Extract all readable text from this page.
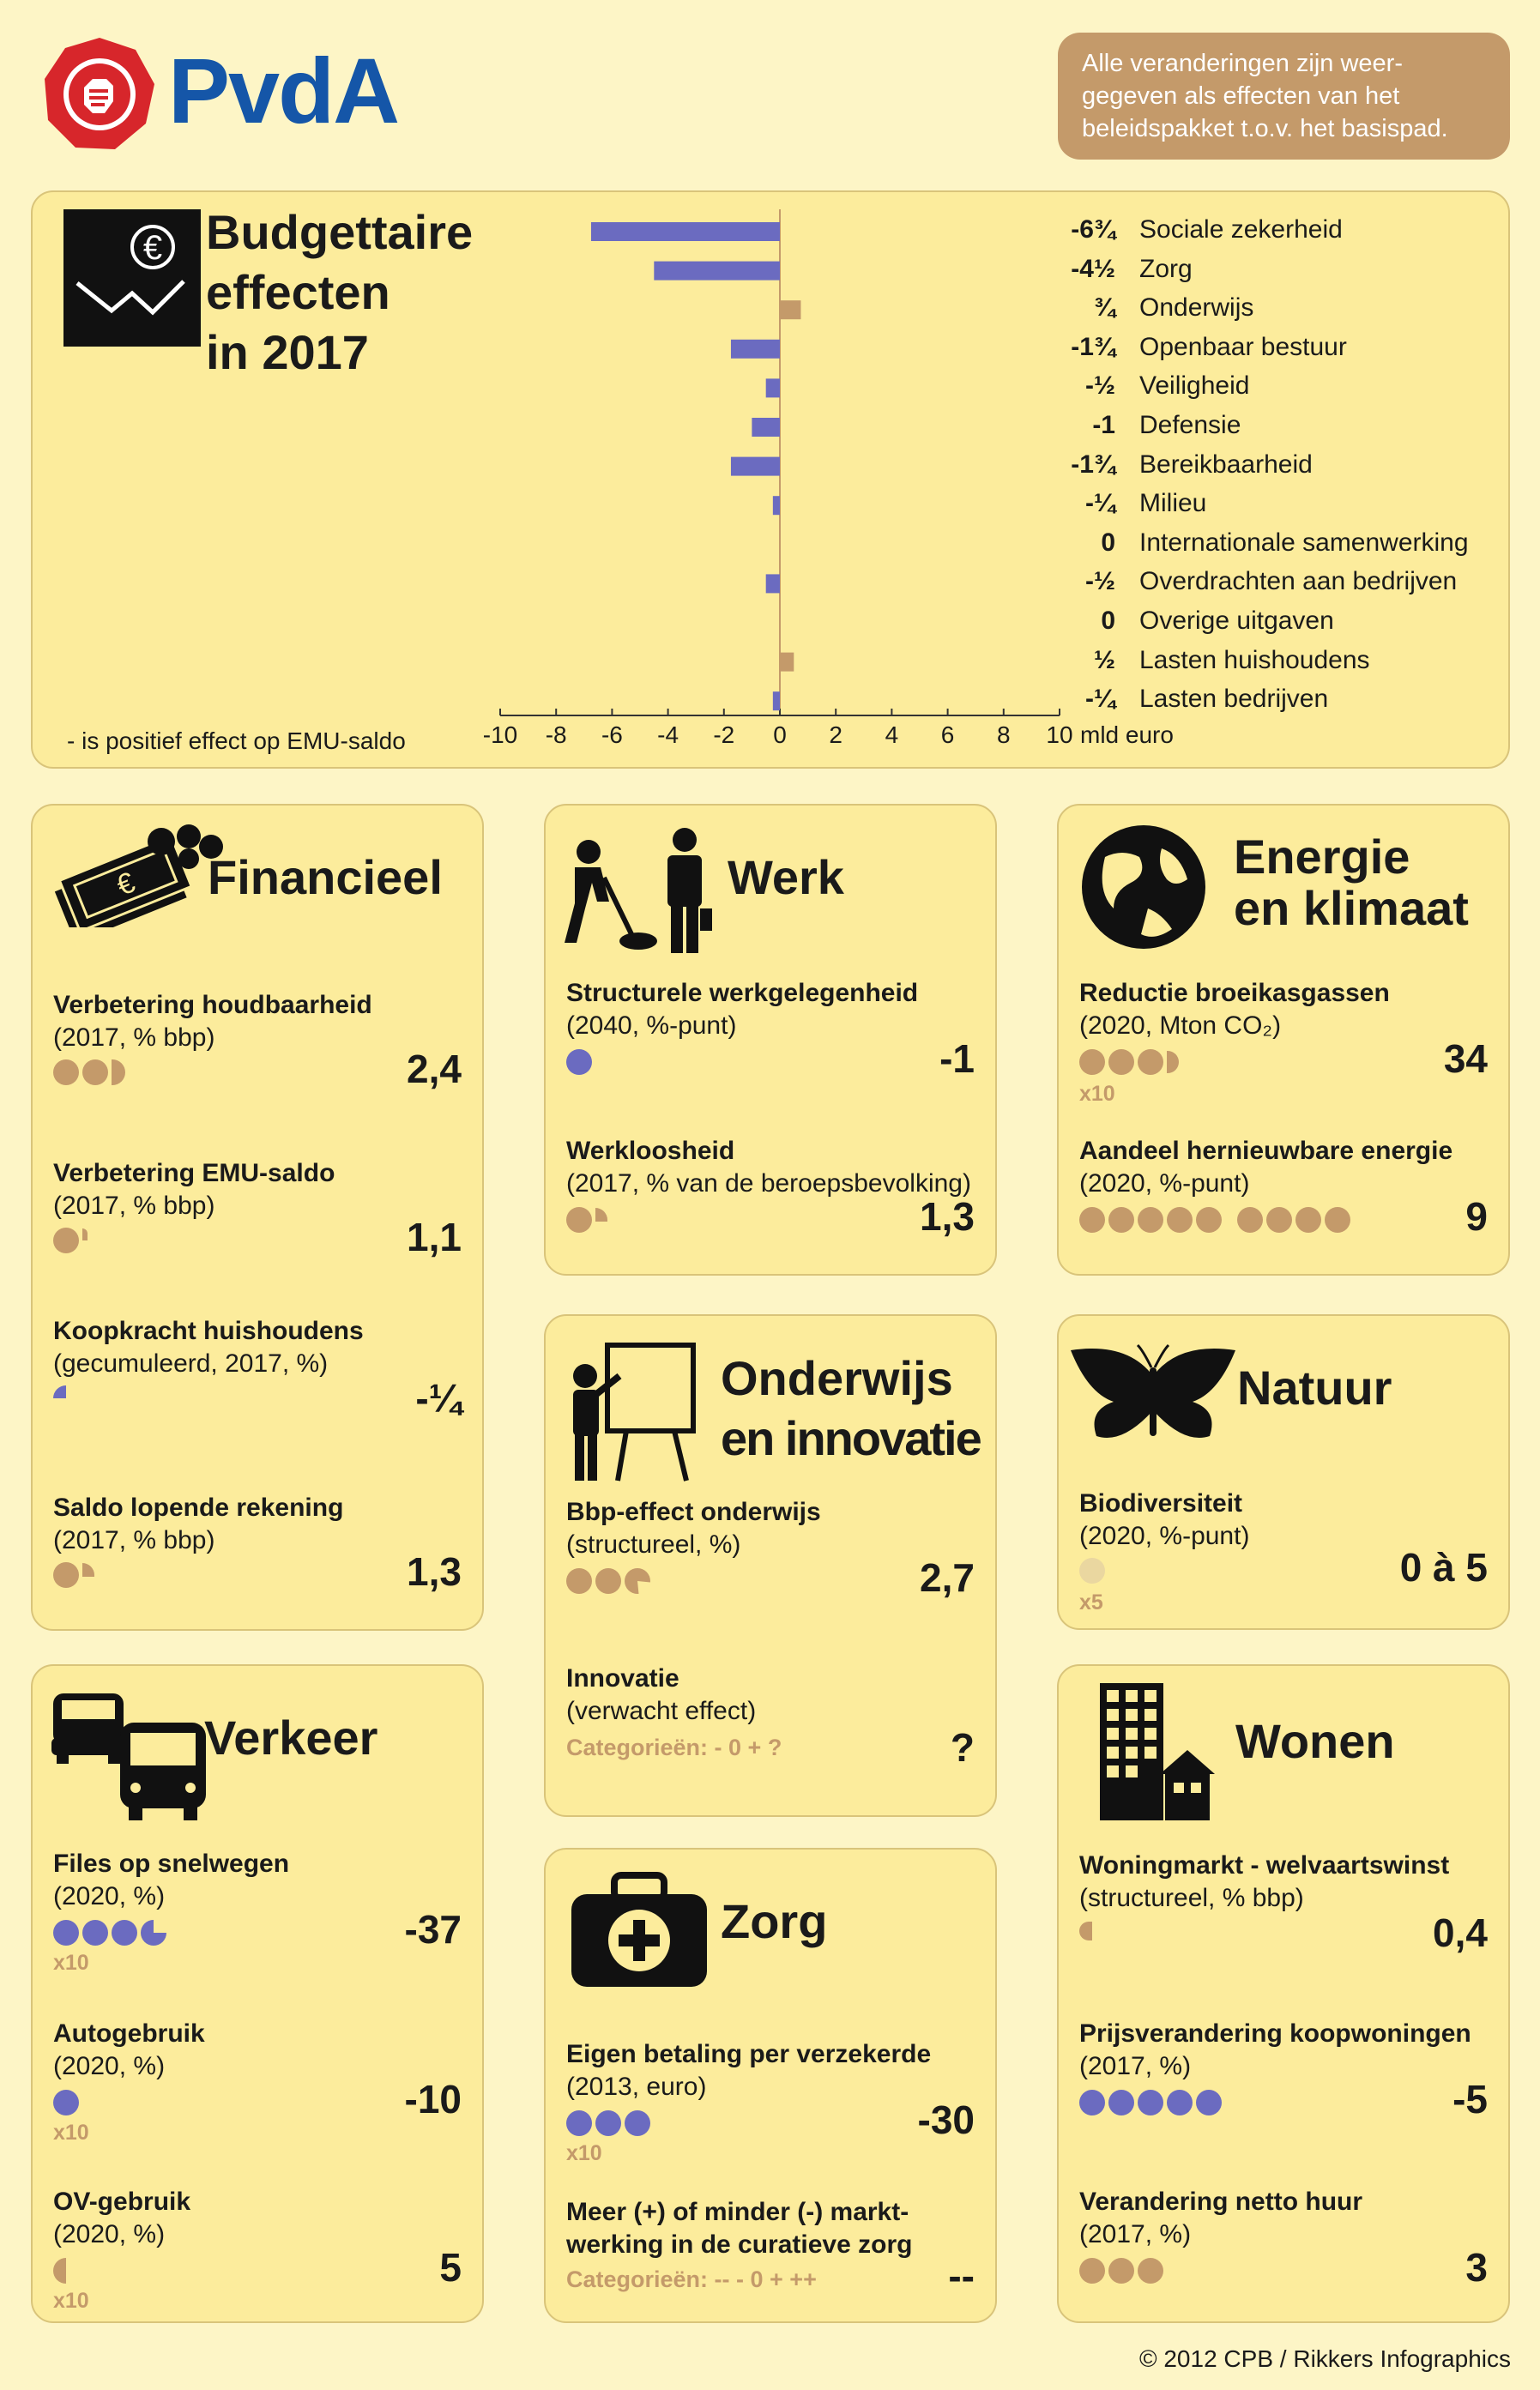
PvdA	Alle veranderingen zijn weer-
gegeven als effecten van het
beleidspakket t.o.v. het basispad.
€ Budgettaire
effecten
in 2017
-10 -8 -6 -4 -2 0 2 4 6 8 10 mld euro
-6¾ Sociale zekerheid
-4½ Zorg
¾ Onderwijs
-1¾ Openbaar bestuur
-½ Veiligheid
-1 Defensie
-1¾ Bereikbaarheid
-¼ Milieu
0 Internationale samenwerking
-½ Overdrachten aan bedrijven
0 Overige uitgaven
½ Lasten huishoudens
-¼ Lasten bedrijven
- is positief effect op EMU-saldo
€ Financieel
Verbetering houdbaarheid
(2017, % bbp)
2,4
Verbetering EMU-saldo
(2017, % bbp)
1,1
Koopkracht huishoudens
(gecumuleerd, 2017, %)
-¼
Saldo lopende rekening
(2017, % bbp)
1,3
Werk
Structurele werkgelegenheid
(2040, %-punt)
-1
Werkloosheid
(2017, % van de beroepsbevolking)
1,3
Energie
en klimaat
Reductie broeikasgassen
(2020, Mton CO₂)
x10
34
Aandeel hernieuwbare energie
(2020, %-punt)
9
Onderwijs
en innovatie
Bbp-effect onderwijs
(structureel, %)
2,7
Innovatie
(verwacht effect)
Categorieën: - 0 + ?	?
Natuur
Biodiversiteit
(2020, %-punt)
x5
0 à 5
Verkeer
Files op snelwegen
(2020, %)
x10
-37
Autogebruik
(2020, %)
x10
-10
OV-gebruik
(2020, %)
x10
5
Zorg
Eigen betaling per verzekerde
(2013, euro)
x10
-30
Meer (+) of minder (-) markt-
werking in de curatieve zorg
Categorieën: -- - 0 + ++	--
Wonen
Woningmarkt - welvaartswinst
(structureel, % bbp)
0,4
Prijsverandering koopwoningen
(2017, %)
-5
Verandering netto huur
(2017, %)
3
© 2012 CPB / Rikkers Infographics
